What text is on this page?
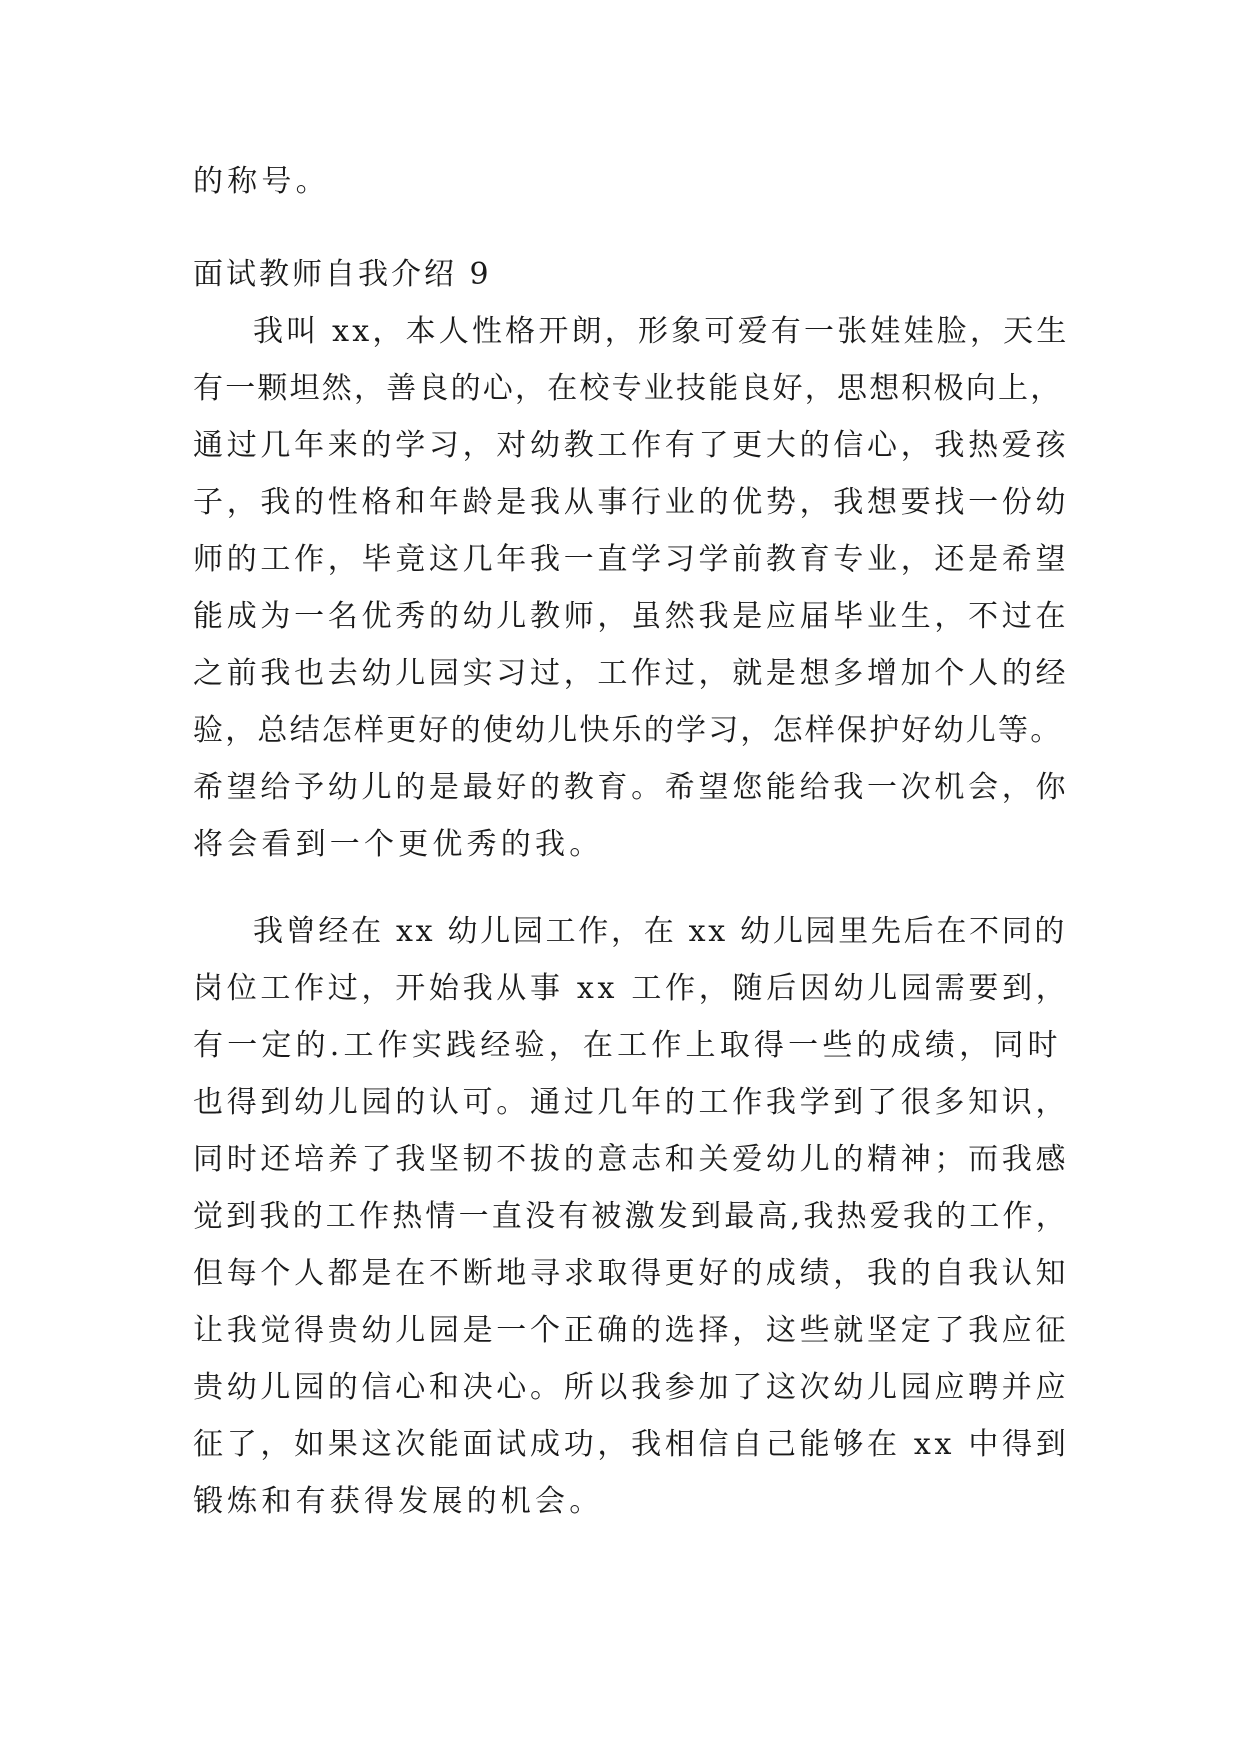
的称号。
面试教师自我介绍 9
我叫 xx，本人性格开朗，形象可爱有一张娃娃脸，天生
有一颗坦然，善良的心，在校专业技能良好，思想积极向上，
通过几年来的学习，对幼教工作有了更大的信心，我热爱孩
子，我的性格和年龄是我从事行业的优势，我想要找一份幼
师的工作，毕竟这几年我一直学习学前教育专业，还是希望
能成为一名优秀的幼儿教师，虽然我是应届毕业生，不过在
之前我也去幼儿园实习过，工作过，就是想多增加个人的经
验，总结怎样更好的使幼儿快乐的学习，怎样保护好幼儿等。
希望给予幼儿的是最好的教育。希望您能给我一次机会，你
将会看到一个更优秀的我。
我曾经在 xx 幼儿园工作，在 xx 幼儿园里先后在不同的
岗位工作过，开始我从事 xx 工作，随后因幼儿园需要到，
有一定的.工作实践经验，在工作上取得一些的成绩，同时
也得到幼儿园的认可。通过几年的工作我学到了很多知识，
同时还培养了我坚韧不拔的意志和关爱幼儿的精神；而我感
觉到我的工作热情一直没有被激发到最高,我热爱我的工作，
但每个人都是在不断地寻求取得更好的成绩，我的自我认知
让我觉得贵幼儿园是一个正确的选择，这些就坚定了我应征
贵幼儿园的信心和决心。所以我参加了这次幼儿园应聘并应
征了，如果这次能面试成功，我相信自己能够在 xx 中得到
锻炼和有获得发展的机会。
